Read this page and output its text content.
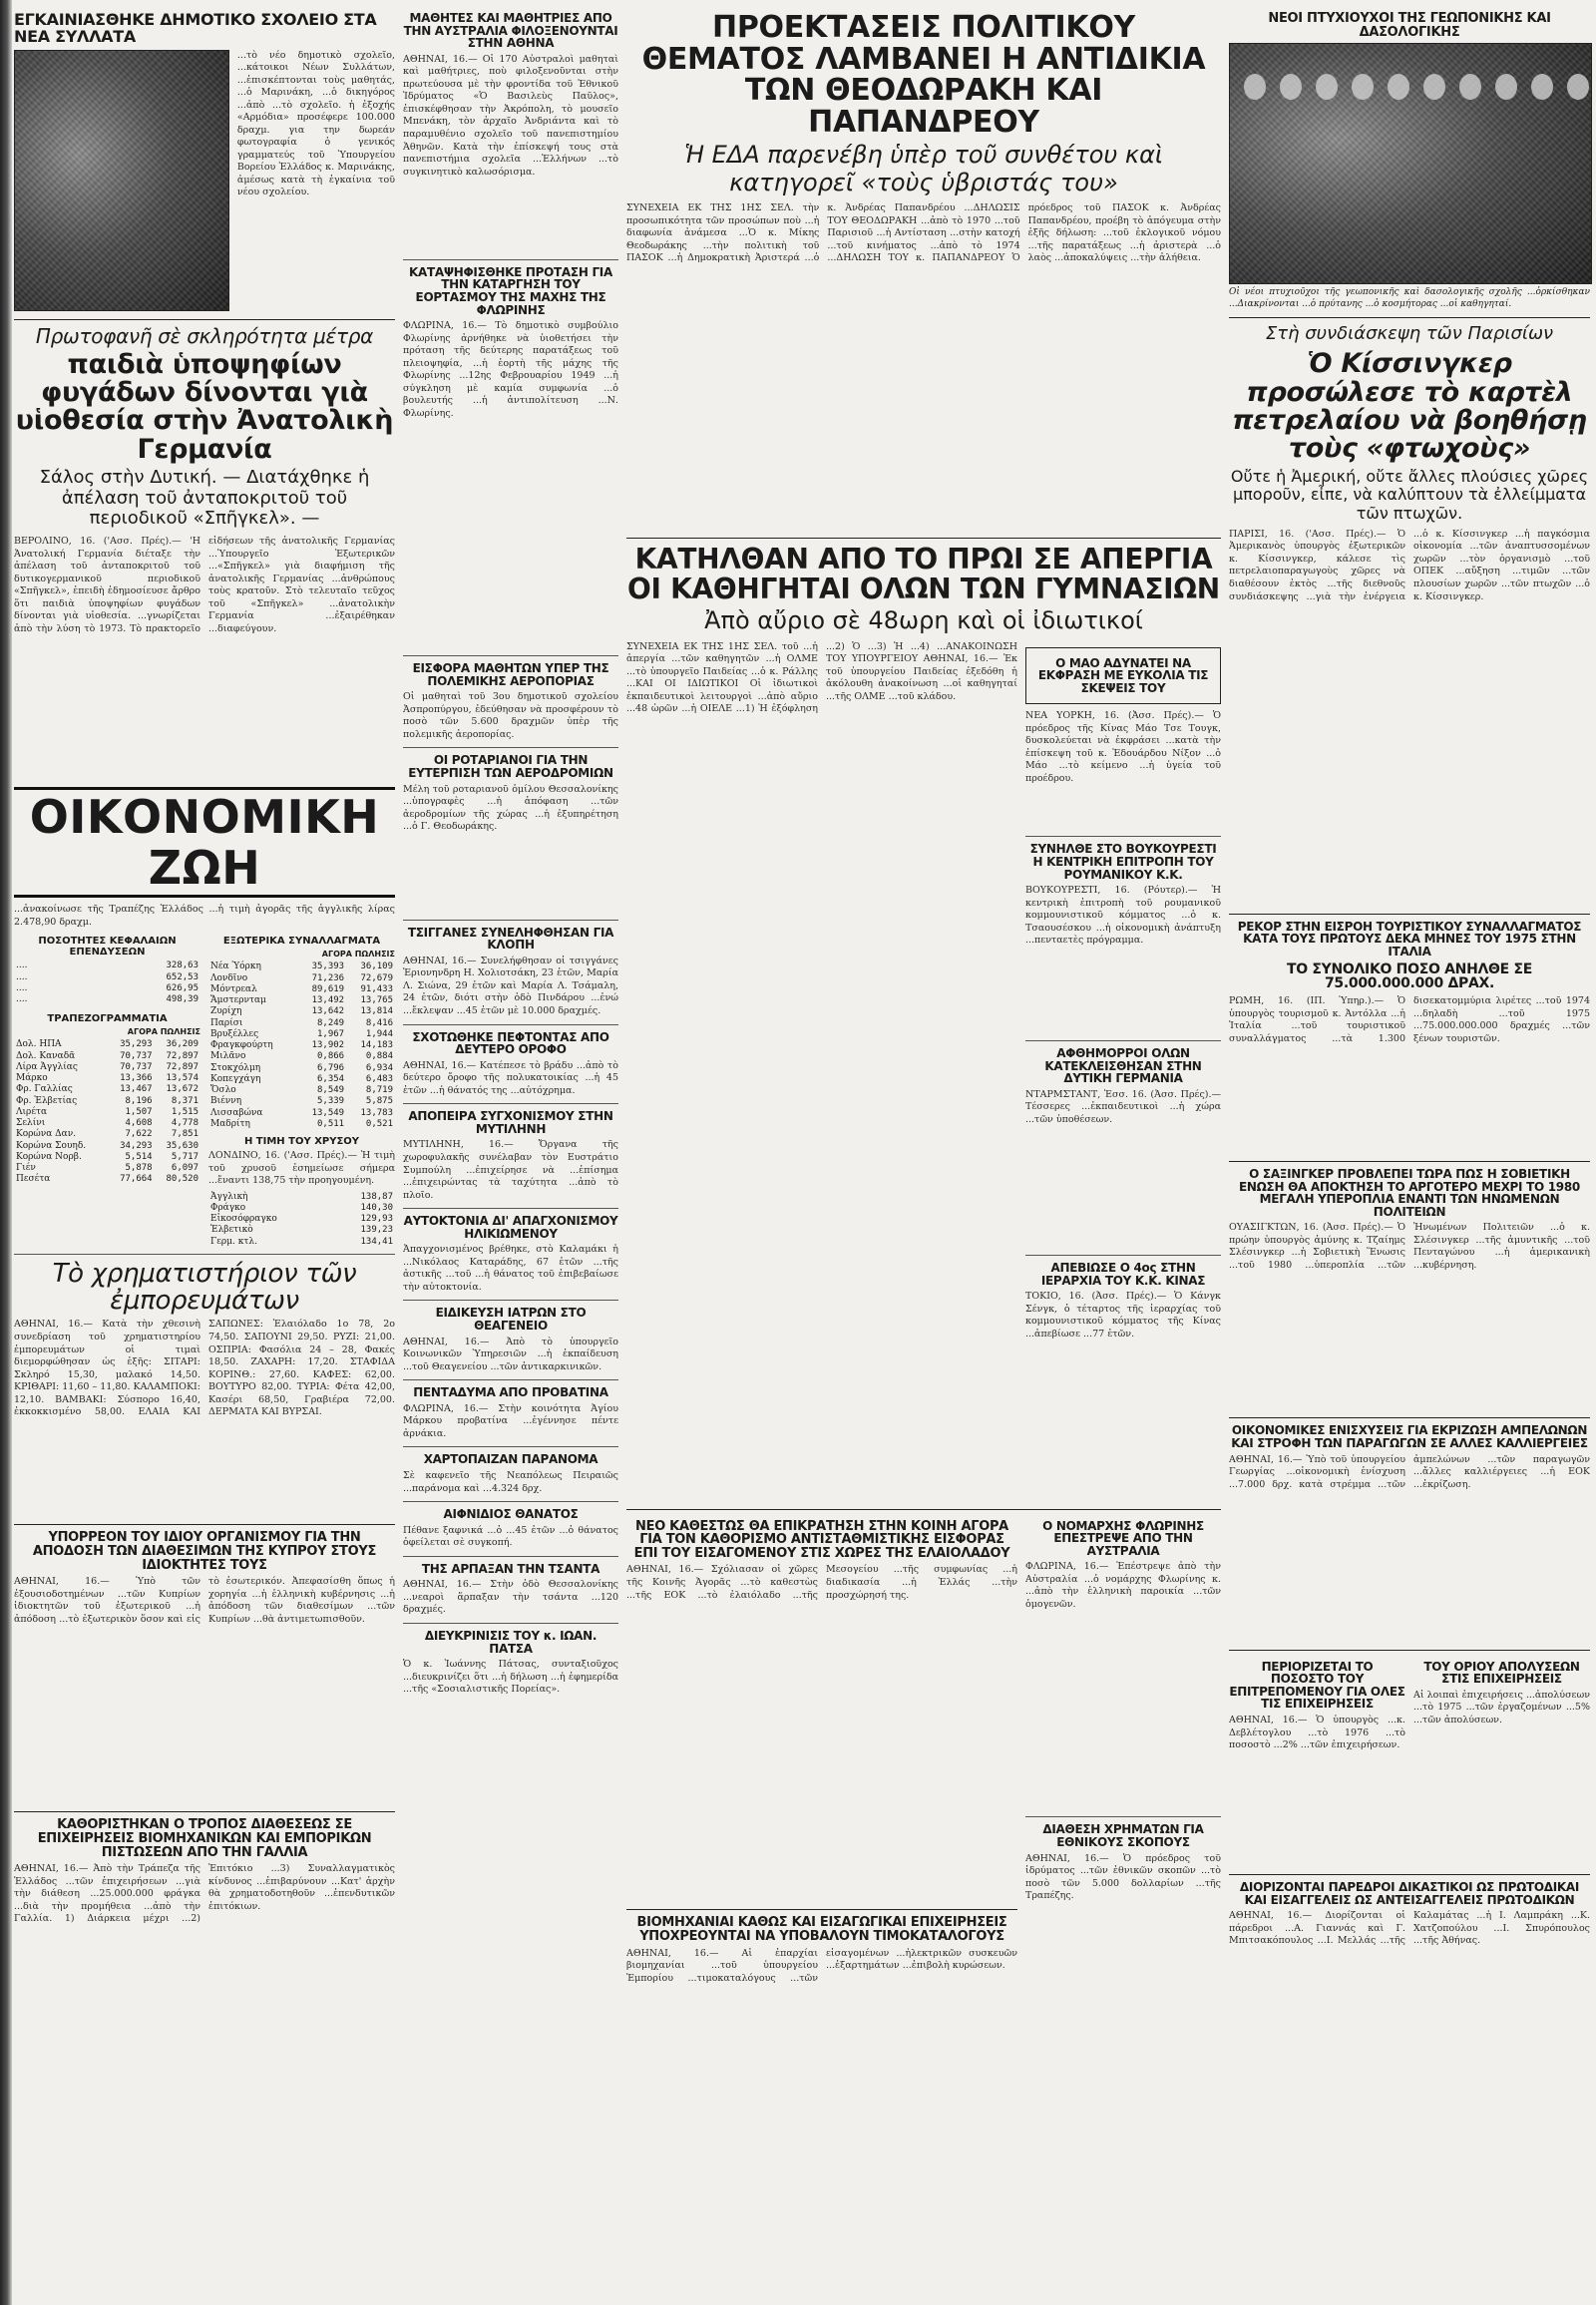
ΕΓΚΑΙΝΙΑΣΘΗΚΕ ΔΗΜΟΤΙΚΟ ΣΧΟΛΕΙΟ ΣΤΑ ΝΕΑ ΣΥΛΛΑΤΑ
...τὸ νέο δημοτικὸ σχολεῖο, ...κάτοικοι Νέων Συλλάτων, ...ἐπισκέπτονται τοὺς μαθητάς, ...ὁ Μαρινάκη, ...ὁ δικηγόρος ...ἀπὸ ...τὸ σχολεῖο. ἡ ἐξοχής «Αρμόδια» προσέφερε 100.000 δραχμ. για την δωρεάν φωτογραφία ὁ γενικός γραμματεύς τοῦ Ὑπουργείου Βορείου Ἑλλάδος κ. Μαρινάκης, ἀμέσως κατὰ τὴ ἐγκαίνια τοῦ νέου σχολείου.
Πρωτοφανῆ σὲ σκληρότητα μέτρα
παιδιὰ ὑποψηφίων φυγάδων δίνονται γιὰ υἱοθεσία στὴν Ἀνατολικὴ Γερμανία
Σάλος στὴν Δυτική. — Διατάχθηκε ἡ ἀπέλαση τοῦ ἀνταποκριτοῦ τοῦ περιοδικοῦ «Σπῆγκελ». —
ΒΕΡΟΛΙΝΟ, 16. ('Ασσ. Πρές).— 'Η Ἀνατολική Γερμανία διέταξε τὴν ἀπέλαση τοῦ ἀνταποκριτοῦ τοῦ δυτικογερμανικοῦ περιοδικοῦ «Σπῆγκελ», ἐπειδὴ ἐδημοσίευσε ἄρθρο ὅτι παιδιὰ ὑποψηφίων φυγάδων δίνονται γιὰ υἱοθεσία. ...γνωρίζεται ἀπὸ τὴν λύση τὸ 1973. Τὸ πρακτορεῖο εἰδήσεων τῆς ἀνατολικῆς Γερμανίας ...Ὑπουργεῖο Ἐξωτερικῶν ...«Σπῆγκελ» γιὰ διαφήμιση τῆς ἀνατολικῆς Γερμανίας ...ἀνθρώπους τοὺς κρατοῦν. Στὸ τελευταῖο τεῦχος τοῦ «Σπῆγκελ» ...ἀνατολικὴν Γερμανία ...ἐξαιρέθηκαν ...διαφεύγουν.
ΟΙΚΟΝΟΜΙΚΗ ΖΩΗ
...ἀνακοίνωσε τῆς Τραπέζης Ἑλλάδος ...ἡ τιμὴ ἀγορᾶς τῆς ἀγγλικῆς λίρας 2.478,90 δραχμ.
ΠΟΣΟΤΗΤΕΣ ΚΕΦΑΛΑΙΩΝ ΕΠΕΝΔΥΣΕΩΝ
....	328,63
....	652,53
....	626,95
....	498,39
ΤΡΑΠΕΖΟΓΡΑΜΜΑΤΙΑ
ΑΓΟΡΑ ΠΩΛΗΣΙΣ
Δολ. ΗΠΑ	35,293	36,209
Δολ. Καναδᾶ	70,737	72,897
Λίρα Ἀγγλίας	70,737	72,897
Μάρκο	13,366	13,574
Φρ. Γαλλίας	13,467	13,672
Φρ. Ἑλβετίας	8,196	8,371
Λιρέτα	1,507	1,515
Σελίνι	4,608	4,778
Κορώνα Δαν.	7,622	7,851
Κορώνα Σουηδ.	34,293	35,630
Κορώνα Νορβ.	5,514	5,717
Γιέν	5,878	6,097
Πεσέτα	77,664	80,520
ΕΞΩΤΕΡΙΚΑ ΣΥΝΑΛΛΑΓΜΑΤΑ
ΑΓΟΡΑ ΠΩΛΗΣΙΣ
Νέα Ὑόρκη	35,393	36,109
Λονδῖνο	71,236	72,679
Μόντρεαλ	89,619	91,433
Ἄμστερνταμ	13,492	13,765
Ζυρίχη	13,642	13,814
Παρίσι	8,249	8,416
Βρυξέλλες	1,967	1,944
Φραγκφούρτη	13,902	14,183
Μιλᾶνο	0,866	0,884
Στοκχόλμη	6,796	6,934
Κοπεγχάγη	6,354	6,483
Ὄσλο	8,549	8,719
Βιέννη	5,339	5,875
Λισσαβώνα	13,549	13,783
Μαδρίτη	0,511	0,521
Η ΤΙΜΗ ΤΟΥ ΧΡΥΣΟΥ
ΛΟΝΔΙΝΟ, 16. ('Ασσ. Πρές).— Ἡ τιμὴ τοῦ χρυσοῦ ἐσημείωσε σήμερα ...ἔναντι 138,75 τὴν προηγουμένη.
Ἀγγλικὴ	138,87
Φράγκο	140,30
Εἰκοσόφραγκο	129,93
Ἑλβετικὸ	139,23
Γερμ. κτλ.	134,41
Τὸ χρηματιστήριον τῶν ἐμπορευμάτων
ΑΘΗΝΑΙ, 16.— Κατὰ τὴν χθεσινὴ συνεδρίαση τοῦ χρηματιστηρίου ἐμπορευμάτων οἱ τιμαὶ διεμορφώθησαν ὡς ἑξῆς: ΣΙΤΑΡΙ: Σκληρό 15,30, μαλακό 14,50. ΚΡΙΘΑΡΙ: 11,60 – 11,80. ΚΑΛΑΜΠΟΚΙ: 12,10. ΒΑΜΒΑΚΙ: Σύσπορο 16,40, ἐκκοκκισμένο 58,00. ΕΛΑΙΑ ΚΑΙ ΣΑΠΩΝΕΣ: Ἐλαιόλαδο 1ο 78, 2ο 74,50. ΣΑΠΟΥΝΙ 29,50. ΡΥΖΙ: 21,00. ΟΣΠΡΙΑ: Φασόλια 24 – 28, Φακές 18,50. ΖΑΧΑΡΗ: 17,20. ΣΤΑΦΙΔΑ ΚΟΡΙΝΘ.: 27,60. ΚΑΦΕΣ: 62,00. ΒΟΥΤΥΡΟ 82,00. ΤΥΡΙΑ: Φέτα 42,00, Κασέρι 68,50, Γραβιέρα 72,00. ΔΕΡΜΑΤΑ ΚΑΙ ΒΥΡΣΑΙ.
ΥΠΟΡΡΕΟΝ ΤΟΥ ΙΔΙΟΥ ΟΡΓΑΝΙΣΜΟΥ ΓΙΑ ΤΗΝ ΑΠΟΔΟΣΗ ΤΩΝ ΔΙΑΘΕΣΙΜΩΝ ΤΗΣ ΚΥΠΡΟΥ ΣΤΟΥΣ ΙΔΙΟΚΤΗΤΕΣ ΤΟΥΣ
ΑΘΗΝΑΙ, 16.— Ὑπὸ τῶν ἐξουσιοδοτημένων ...τῶν Κυπρίων ἰδιοκτητῶν τοῦ ἐξωτερικοῦ ...ἡ ἀπόδοση ...τὸ ἐξωτερικὸν ὅσον καὶ εἰς τὸ ἐσωτερικόν. Ἀπεφασίσθη ὅπως ἡ χορηγία ...ἡ ἑλληνικὴ κυβέρνησις ...ἡ ἀπόδοση τῶν διαθεσίμων ...τῶν Κυπρίων ...θὰ ἀντιμετωπισθοῦν.
ΚΑΘΟΡΙΣΤΗΚΑΝ Ο ΤΡΟΠΟΣ ΔΙΑΘΕΣΕΩΣ ΣΕ ΕΠΙΧΕΙΡΗΣΕΙΣ ΒΙΟΜΗΧΑΝΙΚΩΝ ΚΑΙ ΕΜΠΟΡΙΚΩΝ ΠΙΣΤΩΣΕΩΝ ΑΠΟ ΤΗΝ ΓΑΛΛΙΑ
ΑΘΗΝΑΙ, 16.— Ἀπὸ τὴν Τράπεζα τῆς Ἑλλάδος ...τῶν ἐπιχειρήσεων ...γιὰ τὴν διάθεση ...25.000.000 φράγκα ...διὰ τὴν προμήθεια ...ἀπὸ τὴν Γαλλία. 1) Διάρκεια μέχρι ...2) Ἐπιτόκιο ...3) Συναλλαγματικὸς κίνδυνος ...ἐπιβαρύνουν ...Κατ' ἀρχὴν θὰ χρηματοδοτηθοῦν ...ἐπενδυτικῶν ἐπιτόκιων.
ΜΑΘΗΤΕΣ ΚΑΙ ΜΑΘΗΤΡΙΕΣ ΑΠΟ ΤΗΝ ΑΥΣΤΡΑΛΙΑ ΦΙΛΟΞΕΝΟΥΝΤΑΙ ΣΤΗΝ ΑΘΗΝΑ
ΑΘΗΝΑΙ, 16.— Οἱ 170 Αὐστραλοὶ μαθηταὶ καὶ μαθήτριες, ποὺ φιλοξενοῦνται στὴν πρωτεύουσα μὲ τὴν φροντίδα τοῦ Ἑθνικοῦ Ἱδρύματος «Ὁ Βασιλεὺς Παῦλος», ἐπισκέφθησαν τὴν Ἀκρόπολη, τὸ μουσεῖο Μπενάκη, τὸν ἀρχαῖο Ἀνδριάντα καὶ τὸ παραμυθένιο σχολεῖο τοῦ πανεπιστημίου Ἀθηνῶν. Κατὰ τὴν ἐπίσκεψή τους στὰ πανεπιστήμια σχολεῖα ...Ἑλλήνων ...τὸ συγκινητικὸ καλωσόρισμα.
ΚΑΤΑΨΗΦΙΣΘΗΚΕ ΠΡΟΤΑΣΗ ΓΙΑ ΤΗΝ ΚΑΤΑΡΓΗΣΗ ΤΟΥ ΕΟΡΤΑΣΜΟΥ ΤΗΣ ΜΑΧΗΣ ΤΗΣ ΦΛΩΡΙΝΗΣ
ΦΛΩΡΙΝΑ, 16.— Τὸ δημοτικὸ συμβούλιο Φλωρίνης ἀρνήθηκε νὰ ὑιοθετήσει τὴν πρόταση τῆς δεύτερης παρατάξεως τοῦ πλειοψηφία, ...ἡ ἑορτὴ τῆς μάχης τῆς Φλωρίνης ...12ης Φεβρουαρίου 1949 ...ἡ σύγκληση μὲ καμία συμφωνία ...ὁ βουλευτής ...ἡ ἀντιπολίτευση ...Ν. Φλωρίνης.
ΕΙΣΦΟΡΑ ΜΑΘΗΤΩΝ ΥΠΕΡ ΤΗΣ ΠΟΛΕΜΙΚΗΣ ΑΕΡΟΠΟΡΙΑΣ
Οἱ μαθηταὶ τοῦ 3ου δημοτικοῦ σχολείου Ἀσπροπύργου, ἐδεύθησαν νὰ προσφέρουν τὸ ποσὸ τῶν 5.600 δραχμῶν ὑπὲρ τῆς πολεμικῆς ἀεροπορίας.
ΟΙ ΡΟΤΑΡΙΑΝΟΙ ΓΙΑ ΤΗΝ ΕΥΤΕΡΠΙΣΗ ΤΩΝ ΑΕΡΟΔΡΟΜΙΩΝ
Μέλη τοῦ ροταριανοῦ ὁμίλου Θεσσαλονίκης ...ὑπογραφὲς ...ἡ ἀπόφαση ...τῶν ἀεροδρομίων τῆς χώρας ...ἡ ἐξυπηρέτηση ...ὁ Γ. Θεοδωράκης.
ΤΣΙΓΓΑΝΕΣ ΣΥΝΕΛΗΦΘΗΣΑΝ ΓΙΑ ΚΛΟΠΗ
ΑΘΗΝΑΙ, 16.— Συνελήφθησαν οἱ τσιγγάνες Ἐριονηνδρη Η. Χολιοτσάκη, 23 ἐτῶν, Μαρία Λ. Σιώνα, 29 ἐτῶν καὶ Μαρία Λ. Τσάμαλη, 24 ἐτῶν, διότι στὴν ὁδὸ Πινδάρου ...ἐνώ ...ἔκλεψαν ...45 ἐτῶν μὲ 10.000 δραχμές.
ΣΧΟΤΩΘΗΚΕ ΠΕΦΤΟΝΤΑΣ ΑΠΟ ΔΕΥΤΕΡΟ ΟΡΟΦΟ
ΑΘΗΝΑΙ, 16.— Κατέπεσε τὸ βράδυ ...ἀπὸ τὸ δεύτερο ὄροφο τῆς πολυκατοικίας ...ἡ 45 ἐτῶν ...ἡ θάνατός της ...αὐτόχρημα.
ΑΠΟΠΕΙΡΑ ΣΥΓΧΟΝΙΣΜΟΥ ΣΤΗΝ ΜΥΤΙΛΗΝΗ
ΜΥΤΙΛΗΝΗ, 16.— Ὄργανα τῆς χωροφυλακῆς συνέλαβαν τὸν Ευστράτιο Συμπούλη ...ἐπιχείρησε νὰ ...ἐπίσημα ...ἐπιχειρώντας τὰ ταχύτητα ...ἀπὸ τὸ πλοῖο.
ΑΥΤΟΚΤΟΝΙΑ ΔΙ' ΑΠΑΓΧΟΝΙΣΜΟΥ ΗΛΙΚΙΩΜΕΝΟΥ
Ἀπαγχονισμένος βρέθηκε, στὸ Καλαμάκι ἡ ...Νικόλαος Καταράδης, 67 ἐτῶν ...τῆς ἀστικῆς ...τοῦ ...ἡ θάνατος τοῦ ἐπιβεβαίωσε τὴν αὐτοκτονία.
ΕΙΔΙΚΕΥΣΗ ΙΑΤΡΩΝ ΣΤΟ ΘΕΑΓΕΝΕΙΟ
ΑΘΗΝΑΙ, 16.— Ἀπὸ τὸ ὑπουργεῖο Κοινωνικῶν Ὑπηρεσιῶν ...ἡ ἐκπαίδευση ...τοῦ Θεαγενείου ...τῶν ἀντικαρκινικῶν.
ΠΕΝΤΑΔΥΜΑ ΑΠΟ ΠΡΟΒΑΤΙΝΑ
ΦΛΩΡΙΝΑ, 16.— Στὴν κοινότητα Ἀγίου Μάρκου προβατίνα ...ἐγέννησε πέντε ἀρνάκια.
ΧΑΡΤΟΠΑΙΖΑΝ ΠΑΡΑΝΟΜΑ
Σὲ καφενεῖο τῆς Νεαπόλεως Πειραιῶς ...παράνομα καὶ ...4.324 δρχ.
ΑΙΦΝΙΔΙΟΣ ΘΑΝΑΤΟΣ
Πέθανε ξαφνικά ...ὁ ...45 ἐτῶν ...ὁ θάνατος ὀφείλεται σὲ συγκοπή.
ΤΗΣ ΑΡΠΑΞΑΝ ΤΗΝ ΤΣΑΝΤΑ
ΑΘΗΝΑΙ, 16.— Στὴν ὁδὸ Θεσσαλονίκης ...νεαροὶ ἅρπαξαν τὴν τσάντα ...120 δραχμές.
ΔΙΕΥΚΡΙΝΙΣΙΣ ΤΟΥ κ. ΙΩΑΝ. ΠΑΤΣΑ
Ὁ κ. Ἰωάννης Πάτσας, συνταξιοῦχος ...διευκρινίζει ὅτι ...ἡ δήλωση ...ἡ ἐφημερίδα ...τῆς «Σοσιαλιστικῆς Πορείας».
ΠΡΟΕΚΤΑΣΕΙΣ ΠΟΛΙΤΙΚΟΥ ΘΕΜΑΤΟΣ ΛΑΜΒΑΝΕΙ Η ΑΝΤΙΔΙΚΙΑ ΤΩΝ ΘΕΟΔΩΡΑΚΗ ΚΑΙ ΠΑΠΑΝΔΡΕΟΥ
Ἡ ΕΔΑ παρενέβη ὑπὲρ τοῦ συνθέτου καὶ κατηγορεῖ «τοὺς ὑβριστάς του»
ΣΥΝΕΧΕΙΑ ΕΚ ΤΗΣ 1ΗΣ ΣΕΛ. τὴν προσωπικότητα τῶν προσώπων ποὺ ...ἡ διαφωνία ἀνάμεσα ...Ὁ κ. Μίκης Θεοδωράκης ...τὴν πολιτικὴ τοῦ ΠΑΣΟΚ ...ἡ Δημοκρατικὴ Ἀριστερά ...ὁ κ. Ἀνδρέας Παπανδρέου ...ΔΗΛΩΣΙΣ ΤΟΥ ΘΕΟΔΩΡΑΚΗ ...ἀπὸ τὸ 1970 ...τοῦ Παρισιοῦ ...ἡ Αντίσταση ...στὴν κατοχή ...τοῦ κινήματος ...ἀπὸ τὸ 1974 ...ΔΗΛΩΣΗ ΤΟΥ κ. ΠΑΠΑΝΔΡΕΟΥ Ὁ πρόεδρος τοῦ ΠΑΣΟΚ κ. Ἀνδρέας Παπανδρέου, προέβη τὸ ἀπόγευμα στὴν ἑξῆς δήλωση: ...τοῦ ἐκλογικοῦ νόμου ...τῆς παρατάξεως ...ἡ ἀριστερὰ ...ὁ λαὸς ...ἀποκαλύψεις ...τὴν ἀλήθεια.
ΚΑΤΗΛΘΑΝ ΑΠΟ ΤΟ ΠΡΩΙ ΣΕ ΑΠΕΡΓΙΑ ΟΙ ΚΑΘΗΓΗΤΑΙ ΟΛΩΝ ΤΩΝ ΓΥΜΝΑΣΙΩΝ
Ἀπὸ αὔριο σὲ 48ωρη καὶ οἱ ἰδιωτικοί
ΣΥΝΕΧΕΙΑ ΕΚ ΤΗΣ 1ΗΣ ΣΕΛ. τοῦ ...ἡ ἀπεργία ...τῶν καθηγητῶν ...ἡ ΟΛΜΕ ...τὸ ὑπουργεῖο Παιδείας ...ὁ κ. Ράλλης ...ΚΑΙ ΟΙ ΙΔΙΩΤΙΚΟΙ Οἱ ἰδιωτικοὶ ἐκπαιδευτικοὶ λειτουργοὶ ...ἀπὸ αὔριο ...48 ὡρῶν ...ἡ ΟΙΕΛΕ ...1) Ἡ ἐξόφληση ...2) Ὁ ...3) Ἡ ...4) ...ΑΝΑΚΟΙΝΩΣΗ ΤΟΥ ΥΠΟΥΡΓΕΙΟΥ ΑΘΗΝΑΙ, 16.— Ἐκ τοῦ ὑπουργείου Παιδείας ἐξεδόθη ἡ ἀκόλουθη ἀνακοίνωση ...οἱ καθηγηταί ...τῆς ΟΛΜΕ ...τοῦ κλάδου.
Ο ΜΑΟ ΑΔΥΝΑΤΕΙ ΝΑ ΕΚΦΡΑΣΗ ΜΕ ΕΥΚΟΛΙΑ ΤΙΣ ΣΚΕΨΕΙΣ ΤΟΥ
ΝΕΑ ΥΟΡΚΗ, 16. (Ἀσσ. Πρές).— Ὁ πρόεδρος τῆς Κίνας Μάο Τσε Τουγκ, δυσκολεύεται νὰ ἐκφράσει ...κατὰ τὴν ἐπίσκεψη τοῦ κ. Ἐδουάρδου Νίξον ...ὁ Μάο ...τὸ κείμενο ...ἡ ὑγεία τοῦ προέδρου.
ΣΥΝΗΛΘΕ ΣΤΟ ΒΟΥΚΟΥΡΕΣΤΙ Η ΚΕΝΤΡΙΚΗ ΕΠΙΤΡΟΠΗ ΤΟΥ ΡΟΥΜΑΝΙΚΟΥ Κ.Κ.
ΒΟΥΚΟΥΡΕΣΤΙ, 16. (Ρόυτερ).— Ἡ κεντρικὴ ἐπιτροπὴ τοῦ ρουμανικοῦ κομμουνιστικοῦ κόμματος ...ὁ κ. Τσαουσέσκου ...ἡ οἰκονομικὴ ἀνάπτυξη ...πενταετὲς πρόγραμμα.
ΑΦΘΗΜΟΡΡΟΙ ΟΛΩΝ ΚΑΤΕΚΛΕΙΣΘΗΣΑΝ ΣΤΗΝ ΔΥΤΙΚΗ ΓΕΡΜΑΝΙΑ
ΝΤΑΡΜΣΤΑΝΤ, Ἐσσ. 16. (Ἀσσ. Πρές).— Τέσσερες ...ἐκπαιδευτικοὶ ...ἡ χώρα ...τῶν ὑποθέσεων.
ΑΠΕΒΙΩΣΕ Ο 4ος ΣΤΗΝ ΙΕΡΑΡΧΙΑ ΤΟΥ Κ.Κ. ΚΙΝΑΣ
ΤΟΚΙΟ, 16. (Ἀσσ. Πρές).— Ὁ Κάνγκ Σένγκ, ὁ τέταρτος τῆς ἱεραρχίας τοῦ κομμουνιστικοῦ κόμματος τῆς Κίνας ...ἀπεβίωσε ...77 ἐτῶν.
ΝΕΟ ΚΑΘΕΣΤΩΣ ΘΑ ΕΠΙΚΡΑΤΗΣΗ ΣΤΗΝ ΚΟΙΝΗ ΑΓΟΡΑ ΓΙΑ ΤΟΝ ΚΑΘΟΡΙΣΜΟ ΑΝΤΙΣΤΑΘΜΙΣΤΙΚΗΣ ΕΙΣΦΟΡΑΣ ΕΠΙ ΤΟΥ ΕΙΣΑΓΟΜΕΝΟΥ ΣΤΙΣ ΧΩΡΕΣ ΤΗΣ ΕΛΑΙΟΛΑΔΟΥ
ΑΘΗΝΑΙ, 16.— Σχόλιασαν οἱ χῶρες τῆς Κοινῆς Ἀγορᾶς ...τὸ καθεστὼς ...τῆς ΕΟΚ ...τὸ ἐλαιόλαδο ...τῆς Μεσογείου ...τῆς συμφωνίας ...ἡ διαδικασία ...ἡ Ἑλλάς ...τὴν προσχώρησή της.
ΒΙΟΜΗΧΑΝΙΑΙ ΚΑΘΩΣ ΚΑΙ ΕΙΣΑΓΩΓΙΚΑΙ ΕΠΙΧΕΙΡΗΣΕΙΣ ΥΠΟΧΡΕΟΥΝΤΑΙ ΝΑ ΥΠΟΒΑΛΟΥΝ ΤΙΜΟΚΑΤΑΛΟΓΟΥΣ
ΑΘΗΝΑΙ, 16.— Αἱ ἐπαρχίαι βιομηχανίαι ...τοῦ ὑπουργείου Ἐμπορίου ...τιμοκαταλόγους ...τῶν εἰσαγομένων ...ἠλεκτρικῶν συσκευῶν ...ἐξαρτημάτων ...ἐπιβολὴ κυρώσεων.
Ο ΝΟΜΑΡΧΗΣ ΦΛΩΡΙΝΗΣ ΕΠΕΣΤΡΕΨΕ ΑΠΟ ΤΗΝ ΑΥΣΤΡΑΛΙΑ
ΦΛΩΡΙΝΑ, 16.— Ἐπέστρεψε ἀπὸ τὴν Αὐστραλία ...ὁ νομάρχης Φλωρίνης κ. ...ἀπὸ τὴν ἑλληνικὴ παροικία ...τῶν ὁμογενῶν.
ΔΙΑΘΕΣΗ ΧΡΗΜΑΤΩΝ ΓΙΑ ΕΘΝΙΚΟΥΣ ΣΚΟΠΟΥΣ
ΑΘΗΝΑΙ, 16.— Ὁ πρόεδρος τοῦ ἱδρύματος ...τῶν ἐθνικῶν σκοπῶν ...τὸ ποσὸ τῶν 5.000 δολλαρίων ...τῆς Τραπέζης.
ΝΕΟΙ ΠΤΥΧΙΟΥΧΟΙ ΤΗΣ ΓΕΩΠΟΝΙΚΗΣ ΚΑΙ ΔΑΣΟΛΟΓΙΚΗΣ
Οἱ νέοι πτυχιοῦχοι τῆς γεωπονικῆς καὶ δασολογικῆς σχολῆς ...ὁρκίσθηκαν ...Διακρίνονται ...ὁ πρύτανης ...ὁ κοσμήτορας ...οἱ καθηγηταί.
Στὴ συνδιάσκεψη τῶν Παρισίων
Ὁ Κίσσινγκερ προσώλεσε τὸ καρτὲλ πετρελαίου νὰ βοηθήσῃ τοὺς «φτωχοὺς»
Οὔτε ἡ Ἀμερική, οὔτε ἄλλες πλούσιες χῶρες μποροῦν, εἶπε, νὰ καλύπτουν τὰ ἐλλείμματα τῶν πτωχῶν.
ΠΑΡΙΣΙ, 16. ('Ασσ. Πρές).— Ὁ Ἀμερικανὸς ὑπουργὸς ἐξωτερικῶν κ. Κίσσινγκερ, κάλεσε τὶς πετρελαιοπαραγωγοὺς χῶρες νὰ διαθέσουν ἐκτὸς ...τῆς διεθνοῦς συνδιάσκεψης ...γιὰ τὴν ἐνέργεια ...ὁ κ. Κίσσινγκερ ...ἡ παγκόσμια οἰκονομία ...τῶν ἀναπτυσσομένων χωρῶν ...τὸν ὀργανισμὸ ...τοῦ ΟΠΕΚ ...αὔξηση ...τιμῶν ...τῶν πλουσίων χωρῶν ...τῶν πτωχῶν ...ὁ κ. Κίσσινγκερ.
ΡΕΚΟΡ ΣΤΗΝ ΕΙΣΡΟΗ ΤΟΥΡΙΣΤΙΚΟΥ ΣΥΝΑΛΛΑΓΜΑΤΟΣ ΚΑΤΑ ΤΟΥΣ ΠΡΩΤΟΥΣ ΔΕΚΑ ΜΗΝΕΣ ΤΟΥ 1975 ΣΤΗΝ ΙΤΑΛΙΑ
ΤΟ ΣΥΝΟΛΙΚΟ ΠΟΣΟ ΑΝΗΛΘΕ ΣΕ 75.000.000.000 ΔΡΑΧ.
ΡΩΜΗ, 16. (ΙΠ. Ὑπηρ.).— Ὁ ὑπουργὸς τουρισμοῦ κ. Ἀντόλλα ...ἡ Ἰταλία ...τοῦ τουριστικοῦ συναλλάγματος ...τὰ 1.300 δισεκατομμύρια λιρέτες ...τοῦ 1974 ...δηλαδὴ ...τοῦ 1975 ...75.000.000.000 δραχμές ...τῶν ξένων τουριστῶν.
Ο ΣΑΞΙΝΓΚΕΡ ΠΡΟΒΛΕΠΕΙ ΤΩΡΑ ΠΩΣ Η ΣΟΒΙΕΤΙΚΗ ΕΝΩΣΗ ΘΑ ΑΠΟΚΤΗΣΗ ΤΟ ΑΡΓΟΤΕΡΟ ΜΕΧΡΙ ΤΟ 1980 ΜΕΓΑΛΗ ΥΠΕΡΟΠΛΙΑ ΕΝΑΝΤΙ ΤΩΝ ΗΝΩΜΕΝΩΝ ΠΟΛΙΤΕΙΩΝ
ΟΥΑΣΙΓΚΤΩΝ, 16. (Ἀσσ. Πρές).— Ὁ πρώην ὑπουργὸς ἀμύνης κ. Τζαίημς Σλέσινγκερ ...ἡ Σοβιετικὴ Ἕνωσις ...τοῦ 1980 ...ὑπεροπλία ...τῶν Ἡνωμένων Πολιτειῶν ...ὁ κ. Σλέσινγκερ ...τῆς ἀμυντικῆς ...τοῦ Πενταγώνου ...ἡ ἀμερικανικὴ ...κυβέρνηση.
ΟΙΚΟΝΟΜΙΚΕΣ ΕΝΙΣΧΥΣΕΙΣ ΓΙΑ ΕΚΡΙΖΩΣΗ ΑΜΠΕΛΩΝΩΝ ΚΑΙ ΣΤΡΟΦΗ ΤΩΝ ΠΑΡΑΓΩΓΩΝ ΣΕ ΑΛΛΕΣ ΚΑΛΛΙΕΡΓΕΙΕΣ
ΑΘΗΝΑΙ, 16.— Ὑπὸ τοῦ ὑπουργείου Γεωργίας ...οἰκονομικὴ ἐνίσχυση ...7.000 δρχ. κατὰ στρέμμα ...τῶν ἀμπελώνων ...τῶν παραγωγῶν ...ἄλλες καλλιέργειες ...ἡ ΕΟΚ ...ἐκρίζωση.
ΠΕΡΙΟΡΙΖΕΤΑΙ ΤΟ ΠΟΣΟΣΤΟ ΤΟΥ ΕΠΙΤΡΕΠΟΜΕΝΟΥ ΓΙΑ ΟΛΕΣ ΤΙΣ ΕΠΙΧΕΙΡΗΣΕΙΣ
ΑΘΗΝΑΙ, 16.— Ὁ ὑπουργὸς ...κ. Δεβλέτογλου ...τὸ 1976 ...τὸ ποσοστὸ ...2% ...τῶν ἐπιχειρήσεων.
ΤΟΥ ΟΡΙΟΥ ΑΠΟΛΥΣΕΩΝ ΣΤΙΣ ΕΠΙΧΕΙΡΗΣΕΙΣ
Αἱ λοιπαὶ ἐπιχειρήσεις ...ἀπολύσεων ...τὸ 1975 ...τῶν ἐργαζομένων ...5% ...τῶν ἀπολύσεων.
ΔΙΟΡΙΖΟΝΤΑΙ ΠΑΡΕΔΡΟΙ ΔΙΚΑΣΤΙΚΟΙ ΩΣ ΠΡΩΤΟΔΙΚΑΙ ΚΑΙ ΕΙΣΑΓΓΕΛΕΙΣ ΩΣ ΑΝΤΕΙΣΑΓΓΕΛΕΙΣ ΠΡΩΤΟΔΙΚΩΝ
ΑΘΗΝΑΙ, 16.— Διορίζονται οἱ πάρεδροι ...Α. Γιαννάς καὶ Γ. Μπιτσακόπουλος ...Ι. Μελλάς ...τῆς Καλαμάτας ...ἡ Ι. Λαμπράκη ...Κ. Χατζοπούλου ...Ι. Σπυρόπουλος ...τῆς Ἀθήνας.
